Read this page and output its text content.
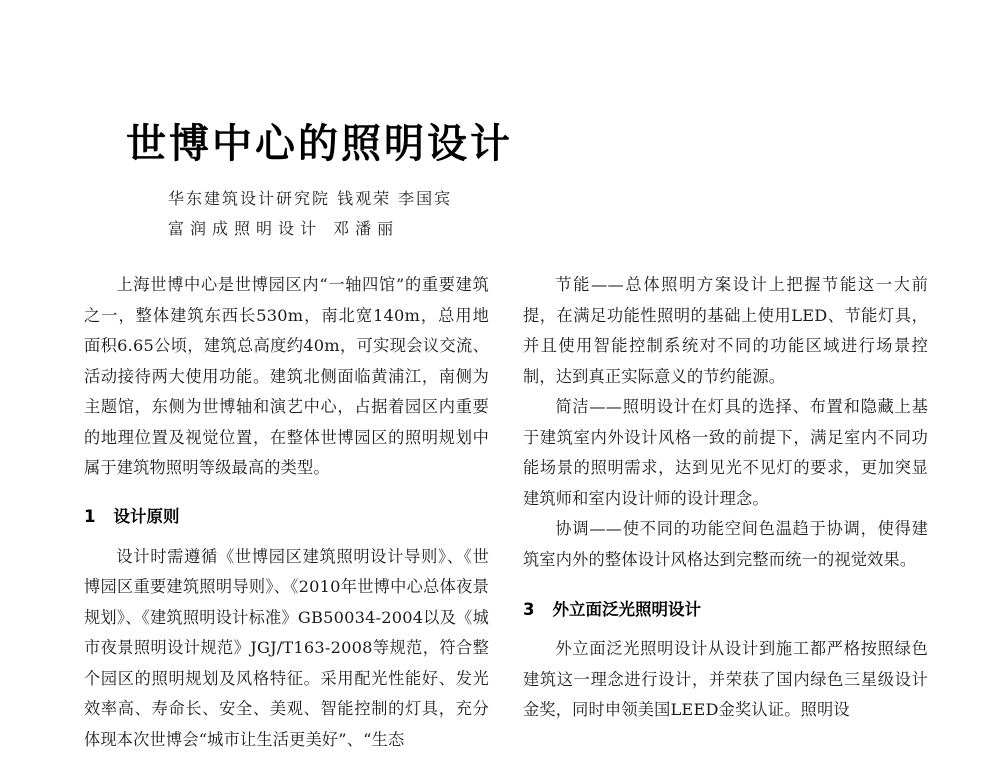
世博中心的照明设计
华东建筑设计研究院 钱观荣 李国宾
富润成照明设计 邓潘丽

上海世博中心是世博园区内“一轴四馆”的重要建筑之一，整体建筑东西长530m，南北宽140m，总用地面积6.65公顷，建筑总高度约40m，可实现会议交流、活动接待两大使用功能。建筑北侧面临黄浦江，南侧为主题馆，东侧为世博轴和演艺中心，占据着园区内重要的地理位置及视觉位置，在整体世博园区的照明规划中属于建筑物照明等级最高的类型。

1 设计原则

设计时需遵循《世博园区建筑照明设计导则》、《世博园区重要建筑照明导则》、《2010年世博中心总体夜景规划》、《建筑照明设计标准》GB50034-2004以及《城市夜景照明设计规范》JGJ/T163-2008等规范，符合整个园区的照明规划及风格特征。采用配光性能好、发光效率高、寿命长、安全、美观、智能控制的灯具，充分体现本次世博会“城市让生活更美好”、“生态

节能——总体照明方案设计上把握节能这一大前提，在满足功能性照明的基础上使用LED、节能灯具，并且使用智能控制系统对不同的功能区域进行场景控制，达到真正实际意义的节约能源。

简洁——照明设计在灯具的选择、布置和隐藏上基于建筑室内外设计风格一致的前提下，满足室内不同功能场景的照明需求，达到见光不见灯的要求，更加突显建筑师和室内设计师的设计理念。

协调——使不同的功能空间色温趋于协调，使得建筑室内外的整体设计风格达到完整而统一的视觉效果。

3 外立面泛光照明设计

外立面泛光照明设计从设计到施工都严格按照绿色建筑这一理念进行设计，并荣获了国内绿色三星级设计金奖，同时申领美国LEED金奖认证。照明设
